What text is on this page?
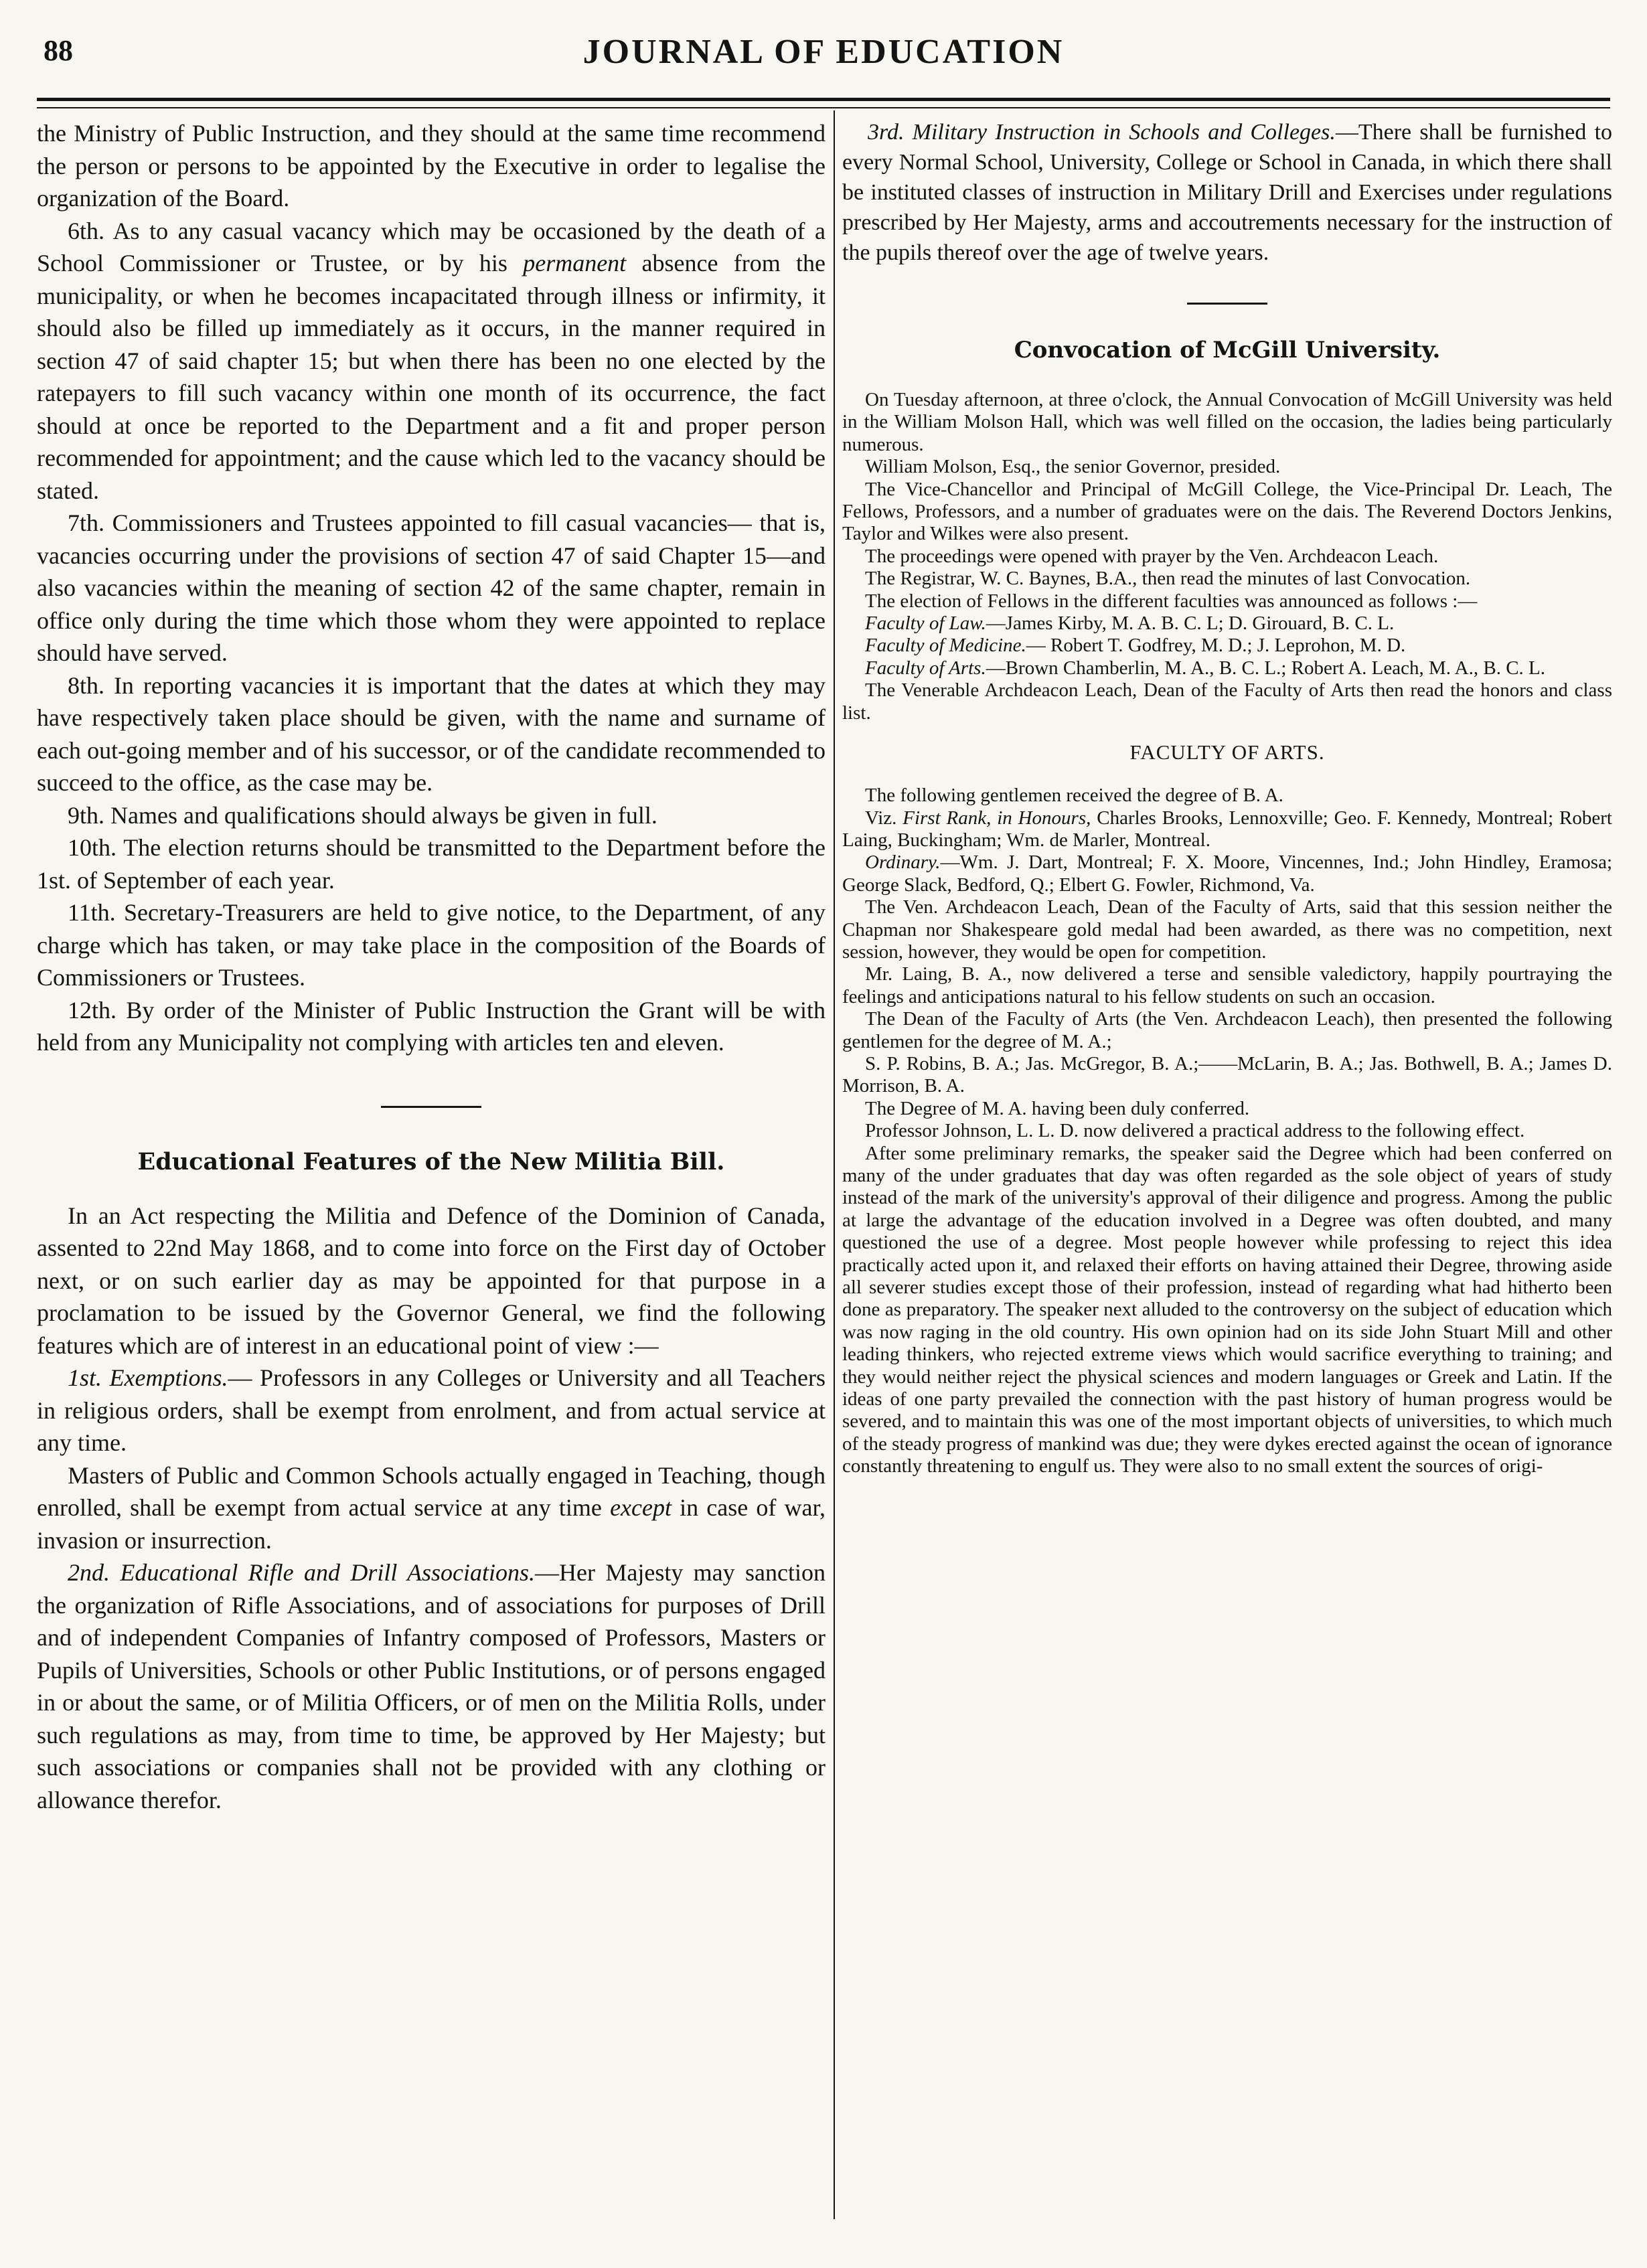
88	JOURNAL OF EDUCATION

the Ministry of Public Instruction, and they should at the same time recommend the person or persons to be appointed by the Executive in order to legalise the organization of the Board.

6th. As to any casual vacancy which may be occasioned by the death of a School Commissioner or Trustee, or by his permanent absence from the municipality, or when he becomes incapacitated through illness or infirmity, it should also be filled up immediately as it occurs, in the manner required in section 47 of said chapter 15; but when there has been no one elected by the ratepayers to fill such vacancy within one month of its occurrence, the fact should at once be reported to the Department and a fit and proper person recommended for appointment; and the cause which led to the vacancy should be stated.

7th. Commissioners and Trustees appointed to fill casual vacancies— that is, vacancies occurring under the provisions of section 47 of said Chapter 15—and also vacancies within the meaning of section 42 of the same chapter, remain in office only during the time which those whom they were appointed to replace should have served.

8th. In reporting vacancies it is important that the dates at which they may have respectively taken place should be given, with the name and surname of each out-going member and of his successor, or of the candidate recommended to succeed to the office, as the case may be.

9th. Names and qualifications should always be given in full.

10th. The election returns should be transmitted to the Department before the 1st. of September of each year.

11th. Secretary-Treasurers are held to give notice, to the Department, of any charge which has taken, or may take place in the composition of the Boards of Commissioners or Trustees.

12th. By order of the Minister of Public Instruction the Grant will be with held from any Municipality not complying with articles ten and eleven.

Educational Features of the New Militia Bill.

In an Act respecting the Militia and Defence of the Dominion of Canada, assented to 22nd May 1868, and to come into force on the First day of October next, or on such earlier day as may be appointed for that purpose in a proclamation to be issued by the Governor General, we find the following features which are of interest in an educational point of view :—

1st. Exemptions.— Professors in any Colleges or University and all Teachers in religious orders, shall be exempt from enrolment, and from actual service at any time.

Masters of Public and Common Schools actually engaged in Teaching, though enrolled, shall be exempt from actual service at any time except in case of war, invasion or insurrection.

2nd. Educational Rifle and Drill Associations.—Her Majesty may sanction the organization of Rifle Associations, and of associations for purposes of Drill and of independent Companies of Infantry composed of Professors, Masters or Pupils of Universities, Schools or other Public Institutions, or of persons engaged in or about the same, or of Militia Officers, or of men on the Militia Rolls, under such regulations as may, from time to time, be approved by Her Majesty; but such associations or companies shall not be provided with any clothing or allowance therefor.

3rd. Military Instruction in Schools and Colleges.—There shall be furnished to every Normal School, University, College or School in Canada, in which there shall be instituted classes of instruction in Military Drill and Exercises under regulations prescribed by Her Majesty, arms and accoutrements necessary for the instruction of the pupils thereof over the age of twelve years.

Convocation of McGill University.

On Tuesday afternoon, at three o'clock, the Annual Convocation of McGill University was held in the William Molson Hall, which was well filled on the occasion, the ladies being particularly numerous.

William Molson, Esq., the senior Governor, presided.

The Vice-Chancellor and Principal of McGill College, the Vice-Principal Dr. Leach, The Fellows, Professors, and a number of graduates were on the dais. The Reverend Doctors Jenkins, Taylor and Wilkes were also present.

The proceedings were opened with prayer by the Ven. Archdeacon Leach.

The Registrar, W. C. Baynes, B.A., then read the minutes of last Convocation.

The election of Fellows in the different faculties was announced as follows :—

Faculty of Law.—James Kirby, M. A. B. C. L; D. Girouard, B. C. L.

Faculty of Medicine.— Robert T. Godfrey, M. D.; J. Leprohon, M. D.

Faculty of Arts.—Brown Chamberlin, M. A., B. C. L.; Robert A. Leach, M. A., B. C. L.

The Venerable Archdeacon Leach, Dean of the Faculty of Arts then read the honors and class list.

FACULTY OF ARTS.

The following gentlemen received the degree of B. A.

Viz. First Rank, in Honours, Charles Brooks, Lennoxville; Geo. F. Kennedy, Montreal; Robert Laing, Buckingham; Wm. de Marler, Montreal.

Ordinary.—Wm. J. Dart, Montreal; F. X. Moore, Vincennes, Ind.; John Hindley, Eramosa; George Slack, Bedford, Q.; Elbert G. Fowler, Richmond, Va.

The Ven. Archdeacon Leach, Dean of the Faculty of Arts, said that this session neither the Chapman nor Shakespeare gold medal had been awarded, as there was no competition, next session, however, they would be open for competition.

Mr. Laing, B. A., now delivered a terse and sensible valedictory, happily pourtraying the feelings and anticipations natural to his fellow students on such an occasion.

The Dean of the Faculty of Arts (the Ven. Archdeacon Leach), then presented the following gentlemen for the degree of M. A.;

S. P. Robins, B. A.; Jas. McGregor, B. A.;——McLarin, B. A.; Jas. Bothwell, B. A.; James D. Morrison, B. A.

The Degree of M. A. having been duly conferred.

Professor Johnson, L. L. D. now delivered a practical address to the following effect.

After some preliminary remarks, the speaker said the Degree which had been conferred on many of the under graduates that day was often regarded as the sole object of years of study instead of the mark of the university's approval of their diligence and progress. Among the public at large the advantage of the education involved in a Degree was often doubted, and many questioned the use of a degree. Most people however while professing to reject this idea practically acted upon it, and relaxed their efforts on having attained their Degree, throwing aside all severer studies except those of their profession, instead of regarding what had hitherto been done as preparatory. The speaker next alluded to the controversy on the subject of education which was now raging in the old country. His own opinion had on its side John Stuart Mill and other leading thinkers, who rejected extreme views which would sacrifice everything to training; and they would neither reject the physical sciences and modern languages or Greek and Latin. If the ideas of one party prevailed the connection with the past history of human progress would be severed, and to maintain this was one of the most important objects of universities, to which much of the steady progress of mankind was due; they were dykes erected against the ocean of ignorance constantly threatening to engulf us. They were also to no small extent the sources of origi-
